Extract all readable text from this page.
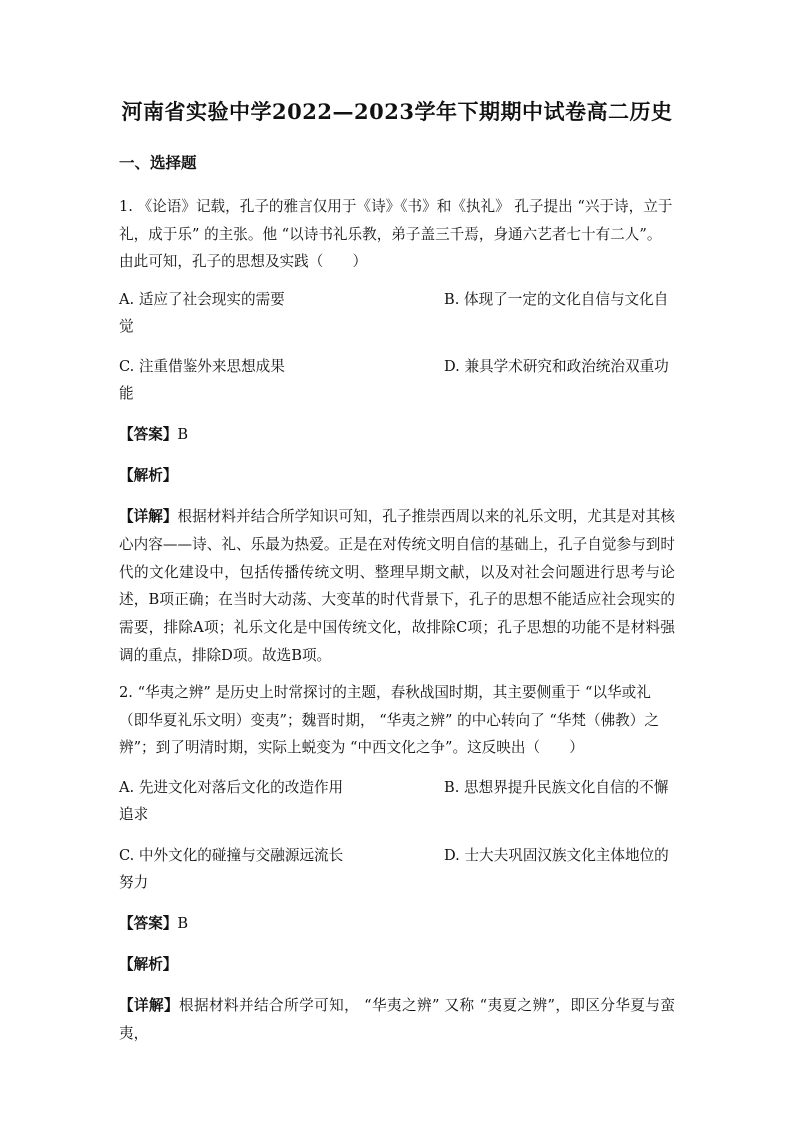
河南省实验中学2022—2023学年下期期中试卷高二历史
一、选择题
1. 《论语》记载，孔子的雅言仅用于《诗》《书》和《执礼》 孔子提出 “兴于诗，立于礼，成于乐” 的主张。他 “以诗书礼乐教，弟子盖三千焉，身通六艺者七十有二人”。由此可知，孔子的思想及实践（　　）
A. 适应了社会现实的需要	B. 体现了一定的文化自信与文化自
觉
C. 注重借鉴外来思想成果	D. 兼具学术研究和政治统治双重功
能
【答案】B
【解析】
【详解】根据材料并结合所学知识可知，孔子推崇西周以来的礼乐文明，尤其是对其核心内容——诗、礼、乐最为热爱。正是在对传统文明自信的基础上，孔子自觉参与到时代的文化建设中，包括传播传统文明、整理早期文献，以及对社会问题进行思考与论述，B项正确；在当时大动荡、大变革的时代背景下，孔子的思想不能适应社会现实的需要，排除A项；礼乐文化是中国传统文化，故排除C项；孔子思想的功能不是材料强调的重点，排除D项。故选B项。
2. “华夷之辨” 是历史上时常探讨的主题，春秋战国时期，其主要侧重于 “以华或礼（即华夏礼乐文明）变夷”；魏晋时期， “华夷之辨” 的中心转向了 “华梵（佛教）之辨”；到了明清时期，实际上蜕变为 “中西文化之争”。这反映出（　　）
A. 先进文化对落后文化的改造作用	B. 思想界提升民族文化自信的不懈
追求
C. 中外文化的碰撞与交融源远流长	D. 士大夫巩固汉族文化主体地位的
努力
【答案】B
【解析】
【详解】根据材料并结合所学可知， “华夷之辨” 又称 “夷夏之辨”，即区分华夏与蛮夷，
